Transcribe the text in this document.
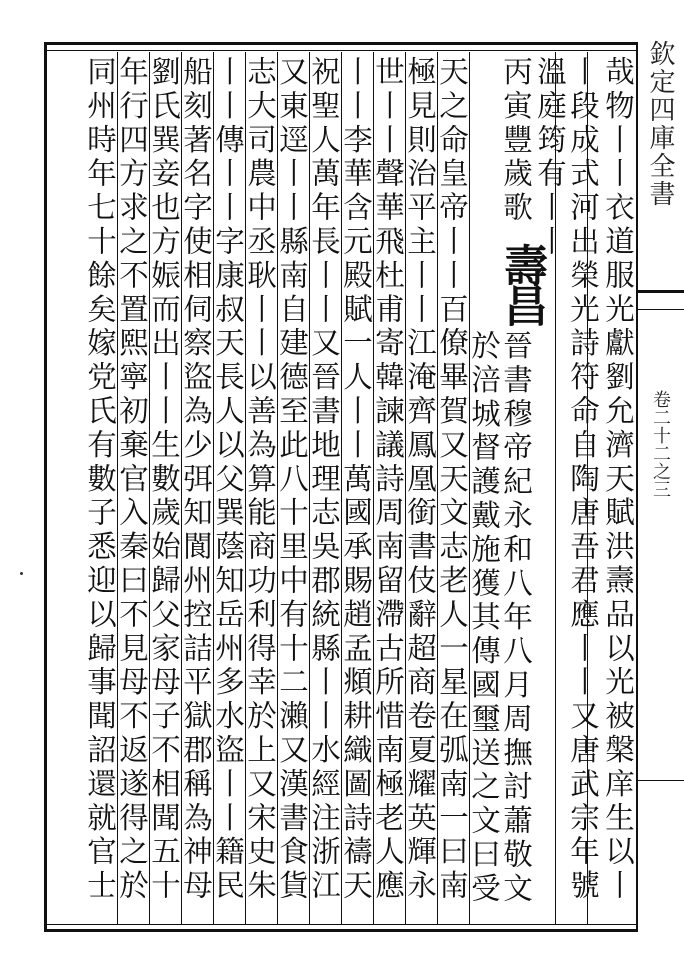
欽定四庫全書
卷二十二之三
哉物丨丨衣道服光獻劉允濟天賦洪燾品以光被槃庠生以丨
丨段成式河出榮光詩符命自陶唐吾君應丨丨又唐武宗年號
溫庭筠有丨丨
丙寅豐歲歌
壽昌
晉書穆帝紀永和八年八月周撫討蕭敬文
於涪城督護戴施獲其傳國璽送之文曰受
天之命皇帝丨丨百僚畢賀又天文志老人一星在弧南一曰南
極見則治平主丨丨江淹齊鳳凰銜書伎辭超商卷夏耀英輝永
世丨丨聲華飛杜甫寄韓諫議詩周南留滯古所惜南極老人應
丨丨李華含元殿賦一人丨丨萬國承賜趙孟頫耕織圖詩禱天
祝聖人萬年長丨丨又晉書地理志吳郡統縣丨丨水經注浙江
又東逕丨丨縣南自建德至此八十里中有十二瀨又漢書食貨
志大司農中丞耿丨丨以善為算能商功利得幸於上又宋史朱
丨丨傳丨丨字康叔天長人以父巽蔭知岳州多水盜丨丨籍民
船刻著名字使相伺察盜為少弭知閬州控詰平獄郡稱為神母
劉氏巽妾也方娠而出丨丨生數歲始歸父家母子不相聞五十
年行四方求之不置熙寧初棄官入秦曰不見母不返遂得之於
同州時年七十餘矣嫁党氏有數子悉迎以歸事聞詔還就官士
